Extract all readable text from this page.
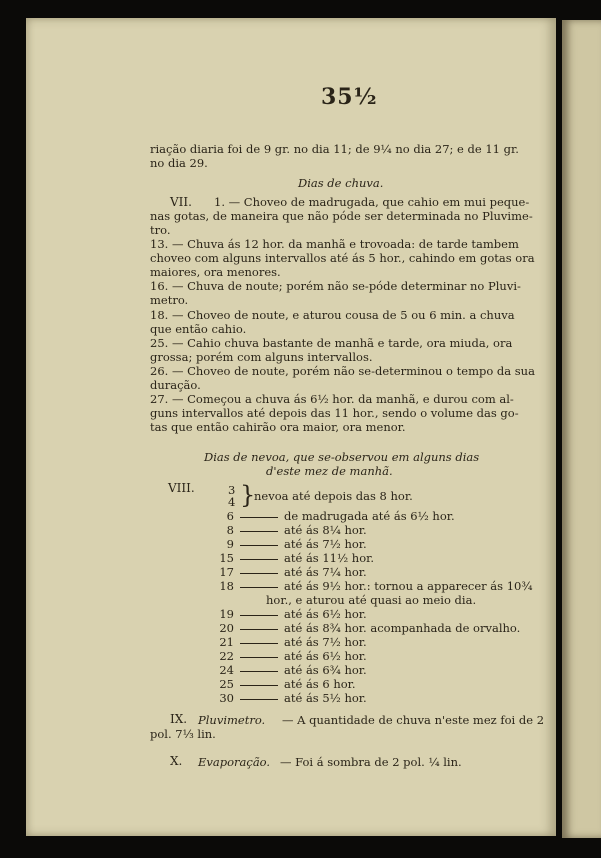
35½
riação diaria foi de 9 gr. no dia 11; de 9¼ no dia 27; e de 11 gr.
no dia 29.
Dias de chuva.
VII. 1. — Choveo de madrugada, que cahio em mui peque-
nas gotas, de maneira que não póde ser determinada no Pluvime-
tro.
13. — Chuva ás 12 hor. da manhã e trovoada: de tarde tambem
choveo com alguns intervallos até ás 5 hor., cahindo em gotas ora
maiores, ora menores.
16. — Chuva de noute; porém não se-póde determinar no Pluvi-
metro.
18. — Choveo de noute, e aturou cousa de 5 ou 6 min. a chuva
que então cahio.
25. — Cahio chuva bastante de manhã e tarde, ora miuda, ora
grossa; porém com alguns intervallos.
26. — Choveo de noute, porém não se-determinou o tempo da sua
duração.
27. — Começou a chuva ás 6½ hor. da manhã, e durou com al-
guns intervallos até depois das 11 hor., sendo o volume das go-
tas que então cahirão ora maior, ora menor.
Dias de nevoa, que se-observou em alguns dias
d'este mez de manhã.
VIII.	3
4 }
nevoa até depois das 8 hor.
6	de madrugada até ás 6½ hor.
8	até ás 8¼ hor.
9	até ás 7½ hor.
15	até ás 11½ hor.
17	até ás 7¼ hor.
18	até ás 9½ hor.: tornou a apparecer ás 10¾
hor., e aturou até quasi ao meio dia.
19	até ás 6½ hor.
20	até ás 8¾ hor. acompanhada de orvalho.
21	até ás 7½ hor.
22	até ás 6½ hor.
24	até ás 6¾ hor.
25	até ás 6 hor.
30	até ás 5½ hor.
IX. Pluvimetro. — A quantidade de chuva n'este mez foi de 2
pol. 7⅓ lin.
X. Evaporação. — Foi á sombra de 2 pol. ¼ lin.
